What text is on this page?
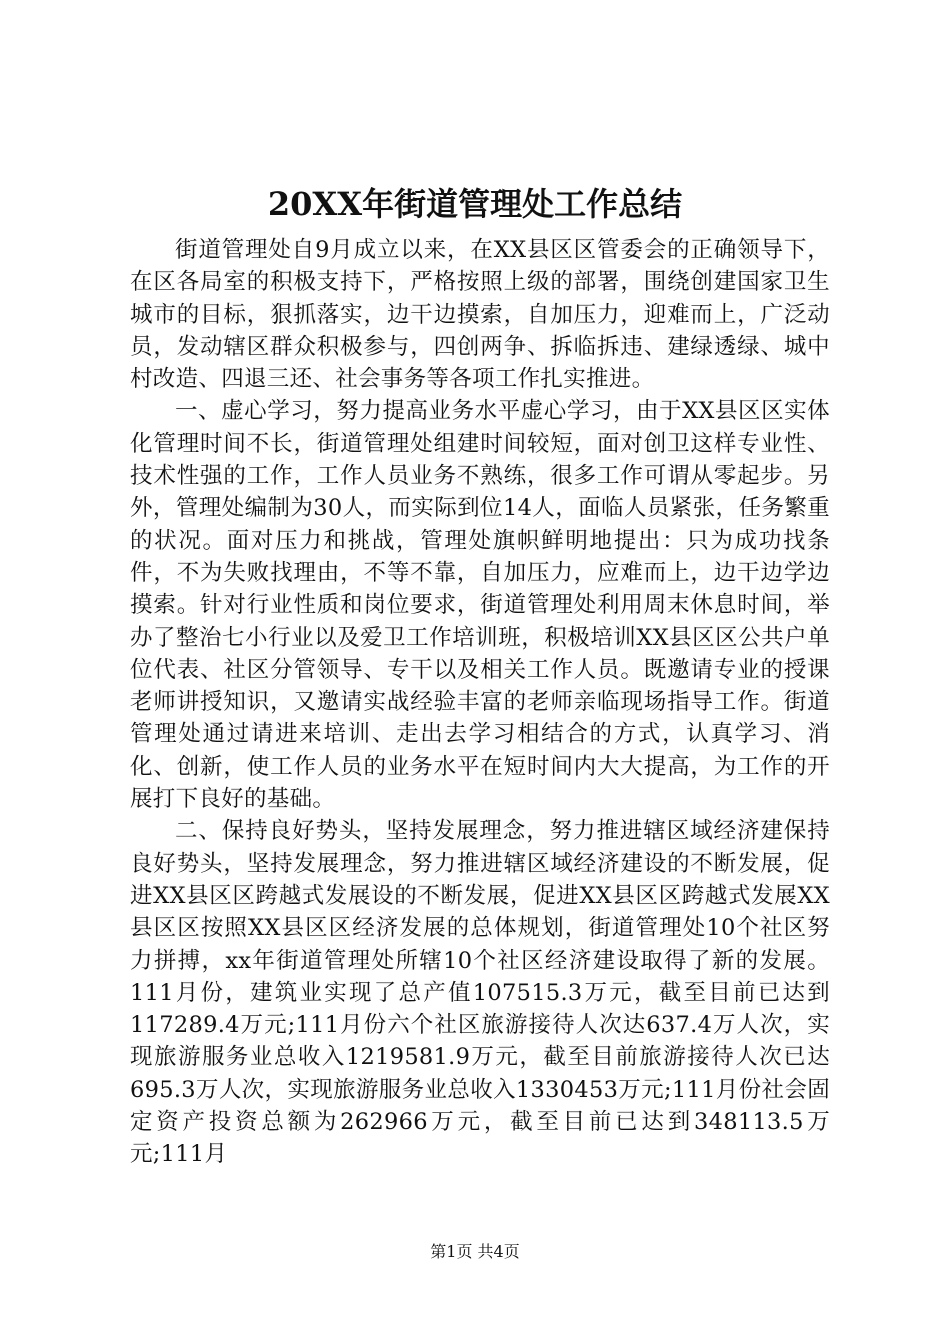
20XX年街道管理处工作总结

街道管理处自9月成立以来，在XX县区区管委会的正确领导下，在区各局室的积极支持下，严格按照上级的部署，围绕创建国家卫生城市的目标，狠抓落实，边干边摸索，自加压力，迎难而上，广泛动员，发动辖区群众积极参与，四创两争、拆临拆违、建绿透绿、城中村改造、四退三还、社会事务等各项工作扎实推进。

一、虚心学习，努力提高业务水平虚心学习，由于XX县区区实体化管理时间不长，街道管理处组建时间较短，面对创卫这样专业性、技术性强的工作，工作人员业务不熟练，很多工作可谓从零起步。另外，管理处编制为30人，而实际到位14人，面临人员紧张，任务繁重的状况。面对压力和挑战，管理处旗帜鲜明地提出：只为成功找条件，不为失败找理由，不等不靠，自加压力，应难而上，边干边学边摸索。针对行业性质和岗位要求，街道管理处利用周末休息时间，举办了整治七小行业以及爱卫工作培训班，积极培训XX县区区公共户单位代表、社区分管领导、专干以及相关工作人员。既邀请专业的授课老师讲授知识，又邀请实战经验丰富的老师亲临现场指导工作。街道管理处通过请进来培训、走出去学习相结合的方式，认真学习、消化、创新，使工作人员的业务水平在短时间内大大提高，为工作的开展打下良好的基础。

二、保持良好势头，坚持发展理念，努力推进辖区域经济建保持良好势头，坚持发展理念，努力推进辖区域经济建设的不断发展，促进XX县区区跨越式发展设的不断发展，促进XX县区区跨越式发展XX县区区按照XX县区区经济发展的总体规划，街道管理处10个社区努力拼搏，xx年街道管理处所辖10个社区经济建设取得了新的发展。111月份，建筑业实现了总产值107515.3万元，截至目前已达到117289.4万元;111月份六个社区旅游接待人次达637.4万人次，实现旅游服务业总收入1219581.9万元，截至目前旅游接待人次已达695.3万人次，实现旅游服务业总收入1330453万元;111月份社会固定资产投资总额为262966万元，截至目前已达到348113.5万元;111月

第1页 共4页
